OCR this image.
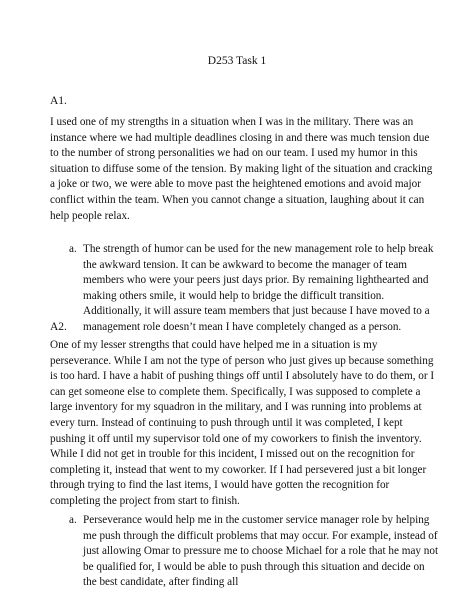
D253 Task 1
A1.

I used one of my strengths in a situation when I was in the military. There was an instance where we had multiple deadlines closing in and there was much tension due to the number of strong personalities we had on our team. I used my humor in this situation to diffuse some of the tension. By making light of the situation and cracking a joke or two, we were able to move past the heightened emotions and avoid major conflict within the team. When you cannot change a situation, laughing about it can help people relax.

a. The strength of humor can be used for the new management role to help break the awkward tension. It can be awkward to become the manager of team members who were your peers just days prior. By remaining lighthearted and making others smile, it would help to bridge the difficult transition. Additionally, it will assure team members that just because I have moved to a management role doesn’t mean I have completely changed as a person.
A2.

One of my lesser strengths that could have helped me in a situation is my perseverance. While I am not the type of person who just gives up because something is too hard. I have a habit of pushing things off until I absolutely have to do them, or I can get someone else to complete them. Specifically, I was supposed to complete a large inventory for my squadron in the military, and I was running into problems at every turn. Instead of continuing to push through until it was completed, I kept pushing it off until my supervisor told one of my coworkers to finish the inventory. While I did not get in trouble for this incident, I missed out on the recognition for completing it, instead that went to my coworker. If I had persevered just a bit longer through trying to find the last items, I would have gotten the recognition for completing the project from start to finish.

a. Perseverance would help me in the customer service manager role by helping me push through the difficult problems that may occur. For example, instead of just allowing Omar to pressure me to choose Michael for a role that he may not be qualified for, I would be able to push through this situation and decide on the best candidate, after finding all
